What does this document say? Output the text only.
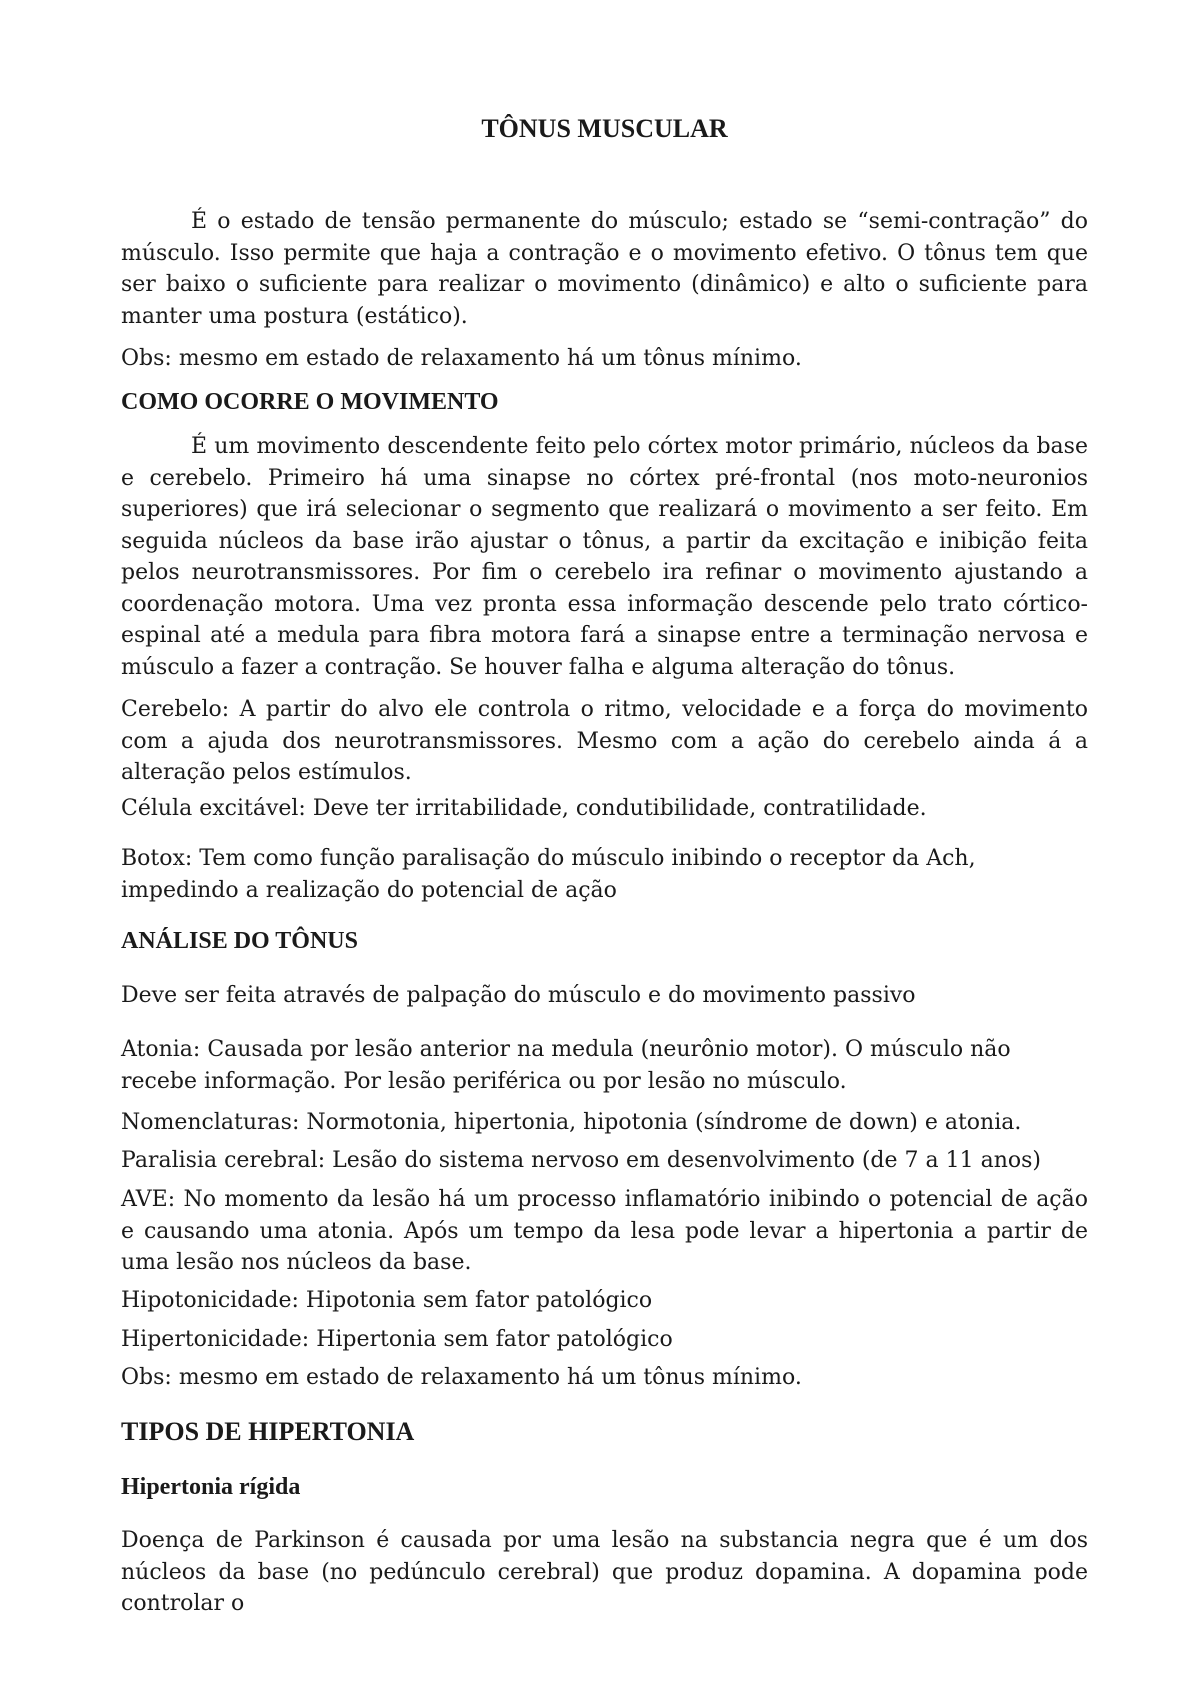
TÔNUS MUSCULAR

É o estado de tensão permanente do músculo; estado se “semi-contração” do músculo. Isso permite que haja a contração e o movimento efetivo. O tônus tem que ser baixo o suficiente para realizar o movimento (dinâmico) e alto o suficiente para manter uma postura (estático).

Obs: mesmo em estado de relaxamento há um tônus mínimo.

COMO OCORRE O MOVIMENTO

É um movimento descendente feito pelo córtex motor primário, núcleos da base e cerebelo. Primeiro há uma sinapse no córtex pré-frontal (nos moto-neuronios superiores) que irá selecionar o segmento que realizará o movimento a ser feito. Em seguida núcleos da base irão ajustar o tônus, a partir da excitação e inibição feita pelos neurotransmissores. Por fim o cerebelo ira refinar o movimento ajustando a coordenação motora. Uma vez pronta essa informação descende pelo trato córtico-espinal até a medula para fibra motora fará a sinapse entre a terminação nervosa e músculo a fazer a contração. Se houver falha e alguma alteração do tônus.

Cerebelo: A partir do alvo ele controla o ritmo, velocidade e a força do movimento com a ajuda dos neurotransmissores. Mesmo com a ação do cerebelo ainda á a alteração pelos estímulos.

Célula excitável: Deve ter irritabilidade, condutibilidade, contratilidade.

Botox: Tem como função paralisação do músculo inibindo o receptor da Ach, impedindo a realização do potencial de ação

ANÁLISE DO TÔNUS

Deve ser feita através de palpação do músculo e do movimento passivo

Atonia: Causada por lesão anterior na medula (neurônio motor). O músculo não recebe informação. Por lesão periférica ou por lesão no músculo.

Nomenclaturas: Normotonia, hipertonia, hipotonia (síndrome de down) e atonia.

Paralisia cerebral: Lesão do sistema nervoso em desenvolvimento (de 7 a 11 anos)

AVE: No momento da lesão há um processo inflamatório inibindo o potencial de ação e causando uma atonia. Após um tempo da lesa pode levar a hipertonia a partir de uma lesão nos núcleos da base.

Hipotonicidade: Hipotonia sem fator patológico

Hipertonicidade: Hipertonia sem fator patológico

Obs: mesmo em estado de relaxamento há um tônus mínimo.

TIPOS DE HIPERTONIA
Hipertonia rígida

Doença de Parkinson é causada por uma lesão na substancia negra que é um dos núcleos da base (no pedúnculo cerebral) que produz dopamina. A dopamina pode controlar o
